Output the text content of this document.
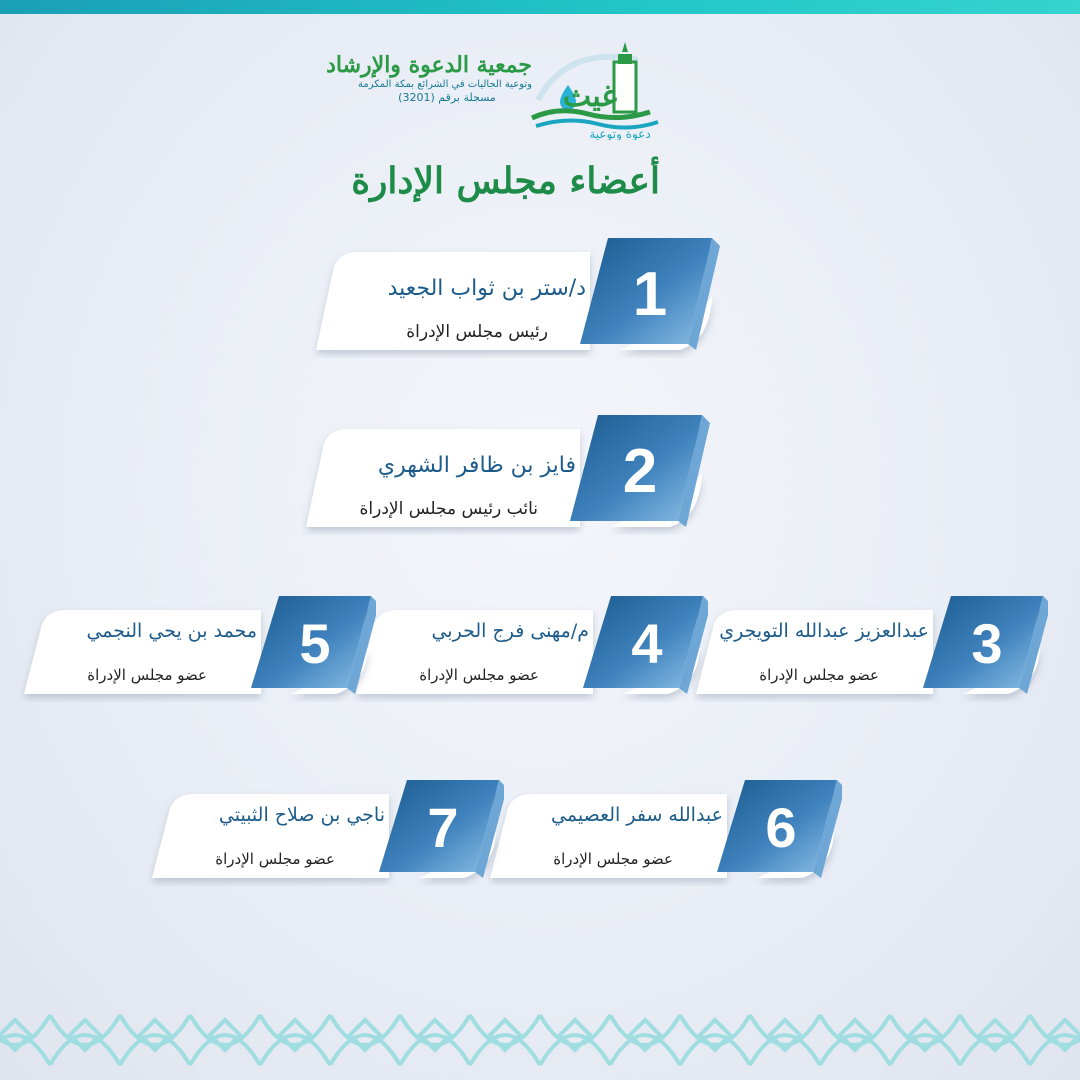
جمعية الدعوة والإرشاد
وتوعية الجاليات في الشرائع بمكة المكرمة
مسجلة برقم (3201)	غيث
دعوة وتوعية
أعضاء مجلس الإدارة
1
د/ستر بن ثواب الجعيد
رئيس مجلس الإدراة
2
فايز بن ظافر الشهري
نائب رئيس مجلس الإدراة
3
عبدالعزيز عبدالله التويجري
عضو مجلس الإدراة
4
م/مهنى فرج الحربي
عضو مجلس الإدراة
5
محمد بن يحي النجمي
عضو مجلس الإدراة
6
عبدالله سفر العصيمي
عضو مجلس الإدراة
7
ناجي بن صلاح الثبيتي
عضو مجلس الإدراة
